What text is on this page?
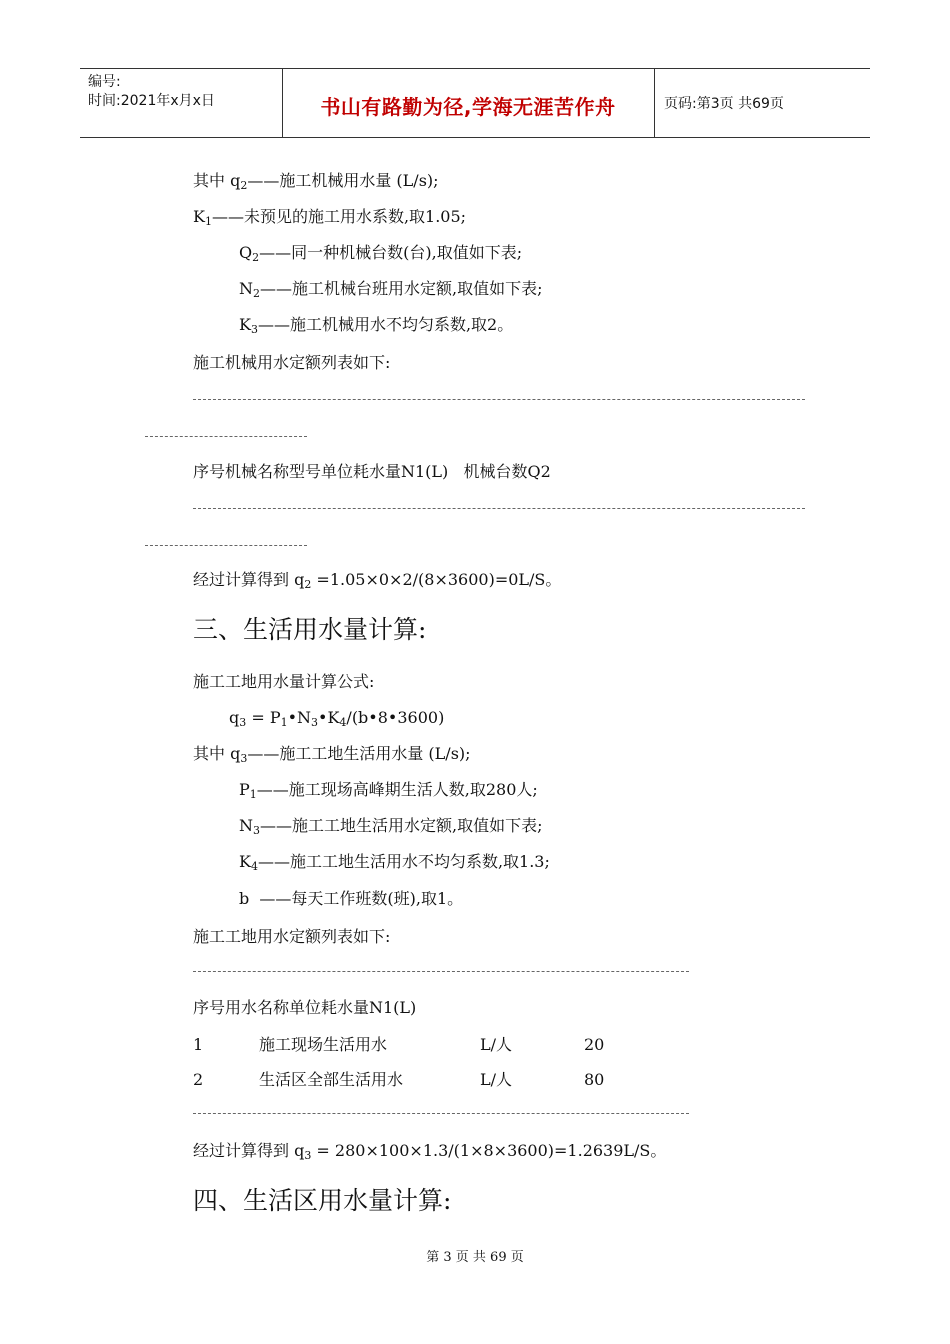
编号:
时间:2021年x月x日	书山有路勤为径,学海无涯苦作舟	页码:第3页 共69页
其中 $q_2——$施工机械用水量 (L/s);
$K_1——$未预见的施工用水系数,取1.05;
$Q_2——$同一种机械台数(台),取值如下表;
$N_2——$施工机械台班用水定额,取值如下表;
$K_3——$施工机械用水不均匀系数,取2。
施工机械用水定额列表如下:
序号机械名称型号单位耗水量N1(L)   机械台数Q2
经过计算得到 $q_2 =1.05\times 0\times 2/(8\times 3600)=0L/S$。
三、生活用水量计算:
施工工地用水量计算公式:
$q_3$ = $P_1•N_3•K_4/(b•8•3600)$
其中 $q_3——$施工工地生活用水量 (L/s);
$P_1——$施工现场高峰期生活人数,取280人;
$N_3——$施工工地生活用水定额,取值如下表;
$K_4——$施工工地生活用水不均匀系数,取1.3;
b  ——每天工作班数(班),取1。
施工工地用水定额列表如下:
序号用水名称单位耗水量N1(L)
1	施工现场生活用水	L/人	20
2	生活区全部生活用水	L/人	80
经过计算得到 $q_3 = 280\times 100\times 1.3/(1\times 8\times 3600)=1.2639L/S$。
四、生活区用水量计算:
第 3 页 共 69 页
